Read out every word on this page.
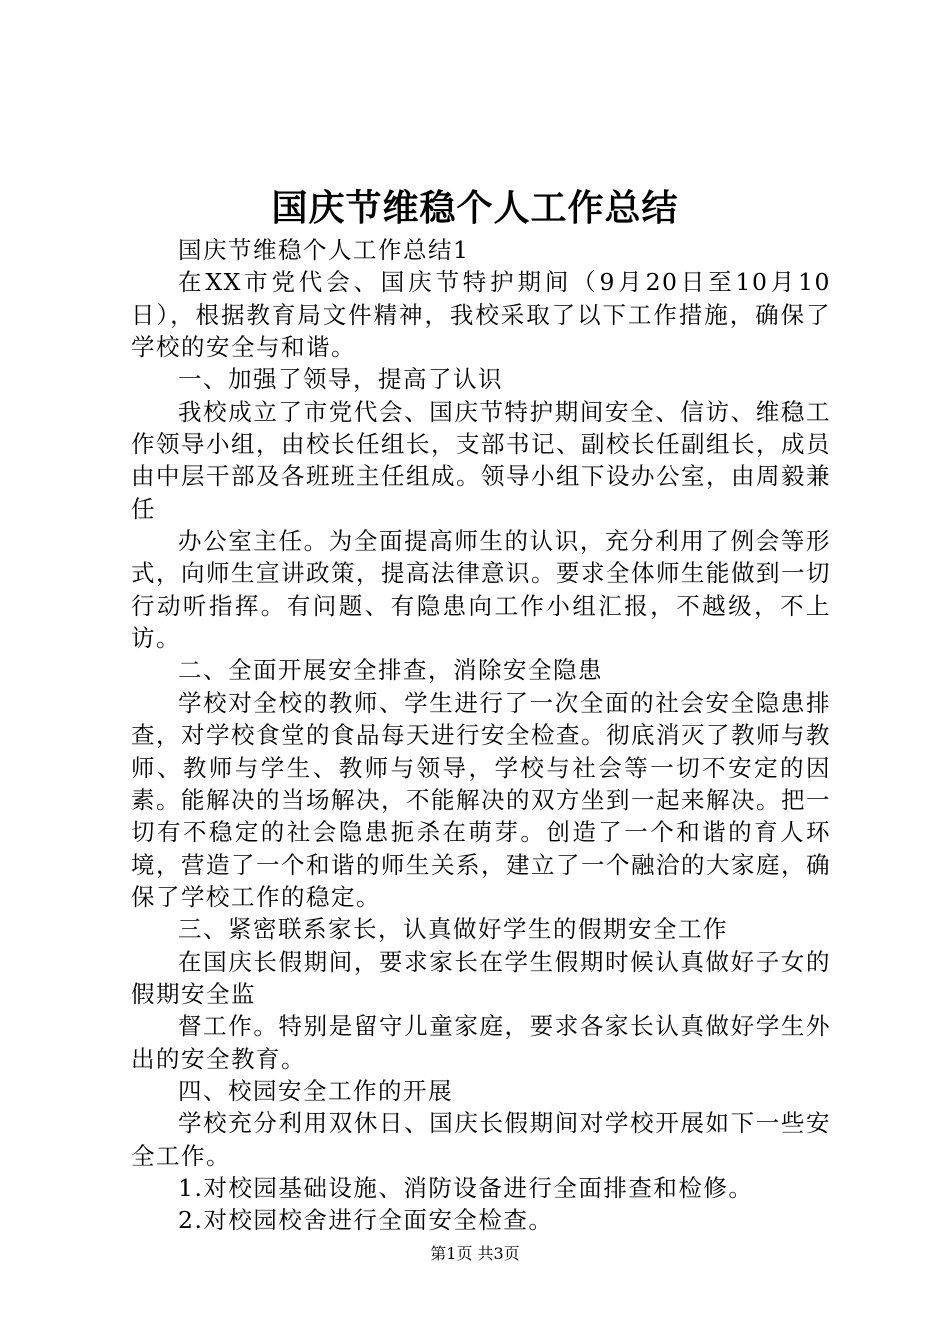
国庆节维稳个人工作总结

国庆节维稳个人工作总结1

在XX市党代会、国庆节特护期间（9月20日至10月10日），根据教育局文件精神，我校采取了以下工作措施，确保了学校的安全与和谐。

一、加强了领导，提高了认识

我校成立了市党代会、国庆节特护期间安全、信访、维稳工作领导小组，由校长任组长，支部书记、副校长任副组长，成员由中层干部及各班班主任组成。领导小组下设办公室，由周毅兼任

办公室主任。为全面提高师生的认识，充分利用了例会等形式，向师生宣讲政策，提高法律意识。要求全体师生能做到一切行动听指挥。有问题、有隐患向工作小组汇报，不越级，不上访。

二、全面开展安全排查，消除安全隐患

学校对全校的教师、学生进行了一次全面的社会安全隐患排查，对学校食堂的食品每天进行安全检查。彻底消灭了教师与教师、教师与学生、教师与领导，学校与社会等一切不安定的因素。能解决的当场解决，不能解决的双方坐到一起来解决。把一切有不稳定的社会隐患扼杀在萌芽。创造了一个和谐的育人环境，营造了一个和谐的师生关系，建立了一个融洽的大家庭，确保了学校工作的稳定。

三、紧密联系家长，认真做好学生的假期安全工作

在国庆长假期间，要求家长在学生假期时候认真做好子女的假期安全监

督工作。特别是留守儿童家庭，要求各家长认真做好学生外出的安全教育。

四、校园安全工作的开展

学校充分利用双休日、国庆长假期间对学校开展如下一些安全工作。

1.对校园基础设施、消防设备进行全面排查和检修。

2.对校园校舍进行全面安全检查。

第1页 共3页
